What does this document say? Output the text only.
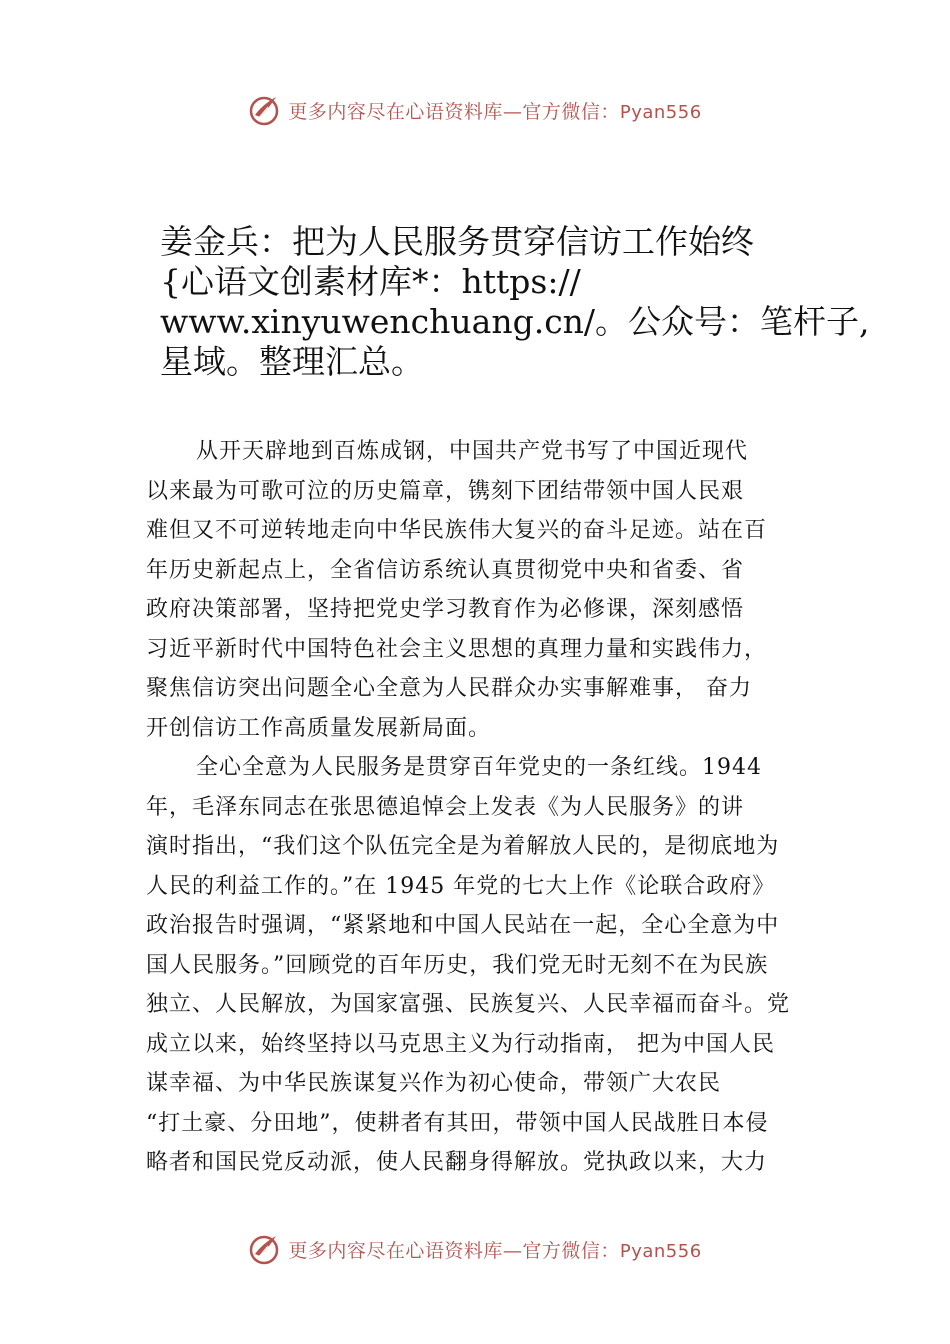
更多内容尽在心语资料库—官方微信：Pyan556
姜金兵：把为人民服务贯穿信访工作始终
{心语文创素材库*：https://
www.xinyuwenchuang.cn/。公众号：笔杆子,
星域。整理汇总。
从开天辟地到百炼成钢，中国共产党书写了中国近现代
以来最为可歌可泣的历史篇章，镌刻下团结带领中国人民艰
难但又不可逆转地走向中华民族伟大复兴的奋斗足迹。站在百
年历史新起点上，全省信访系统认真贯彻党中央和省委、省
政府决策部署，坚持把党史学习教育作为必修课，深刻感悟
习近平新时代中国特色社会主义思想的真理力量和实践伟力，
聚焦信访突出问题全心全意为人民群众办实事解难事， 奋力
开创信访工作高质量发展新局面。
全心全意为人民服务是贯穿百年党史的一条红线。1944
年，毛泽东同志在张思德追悼会上发表《为人民服务》的讲
演时指出，“我们这个队伍完全是为着解放人民的，是彻底地为
人民的利益工作的。”在 1945 年党的七大上作《论联合政府》
政治报告时强调，“紧紧地和中国人民站在一起，全心全意为中
国人民服务。”回顾党的百年历史，我们党无时无刻不在为民族
独立、人民解放，为国家富强、民族复兴、人民幸福而奋斗。党
成立以来，始终坚持以马克思主义为行动指南， 把为中国人民
谋幸福、为中华民族谋复兴作为初心使命，带领广大农民
“打土豪、分田地”，使耕者有其田，带领中国人民战胜日本侵
略者和国民党反动派，使人民翻身得解放。党执政以来，大力
更多内容尽在心语资料库—官方微信：Pyan556
